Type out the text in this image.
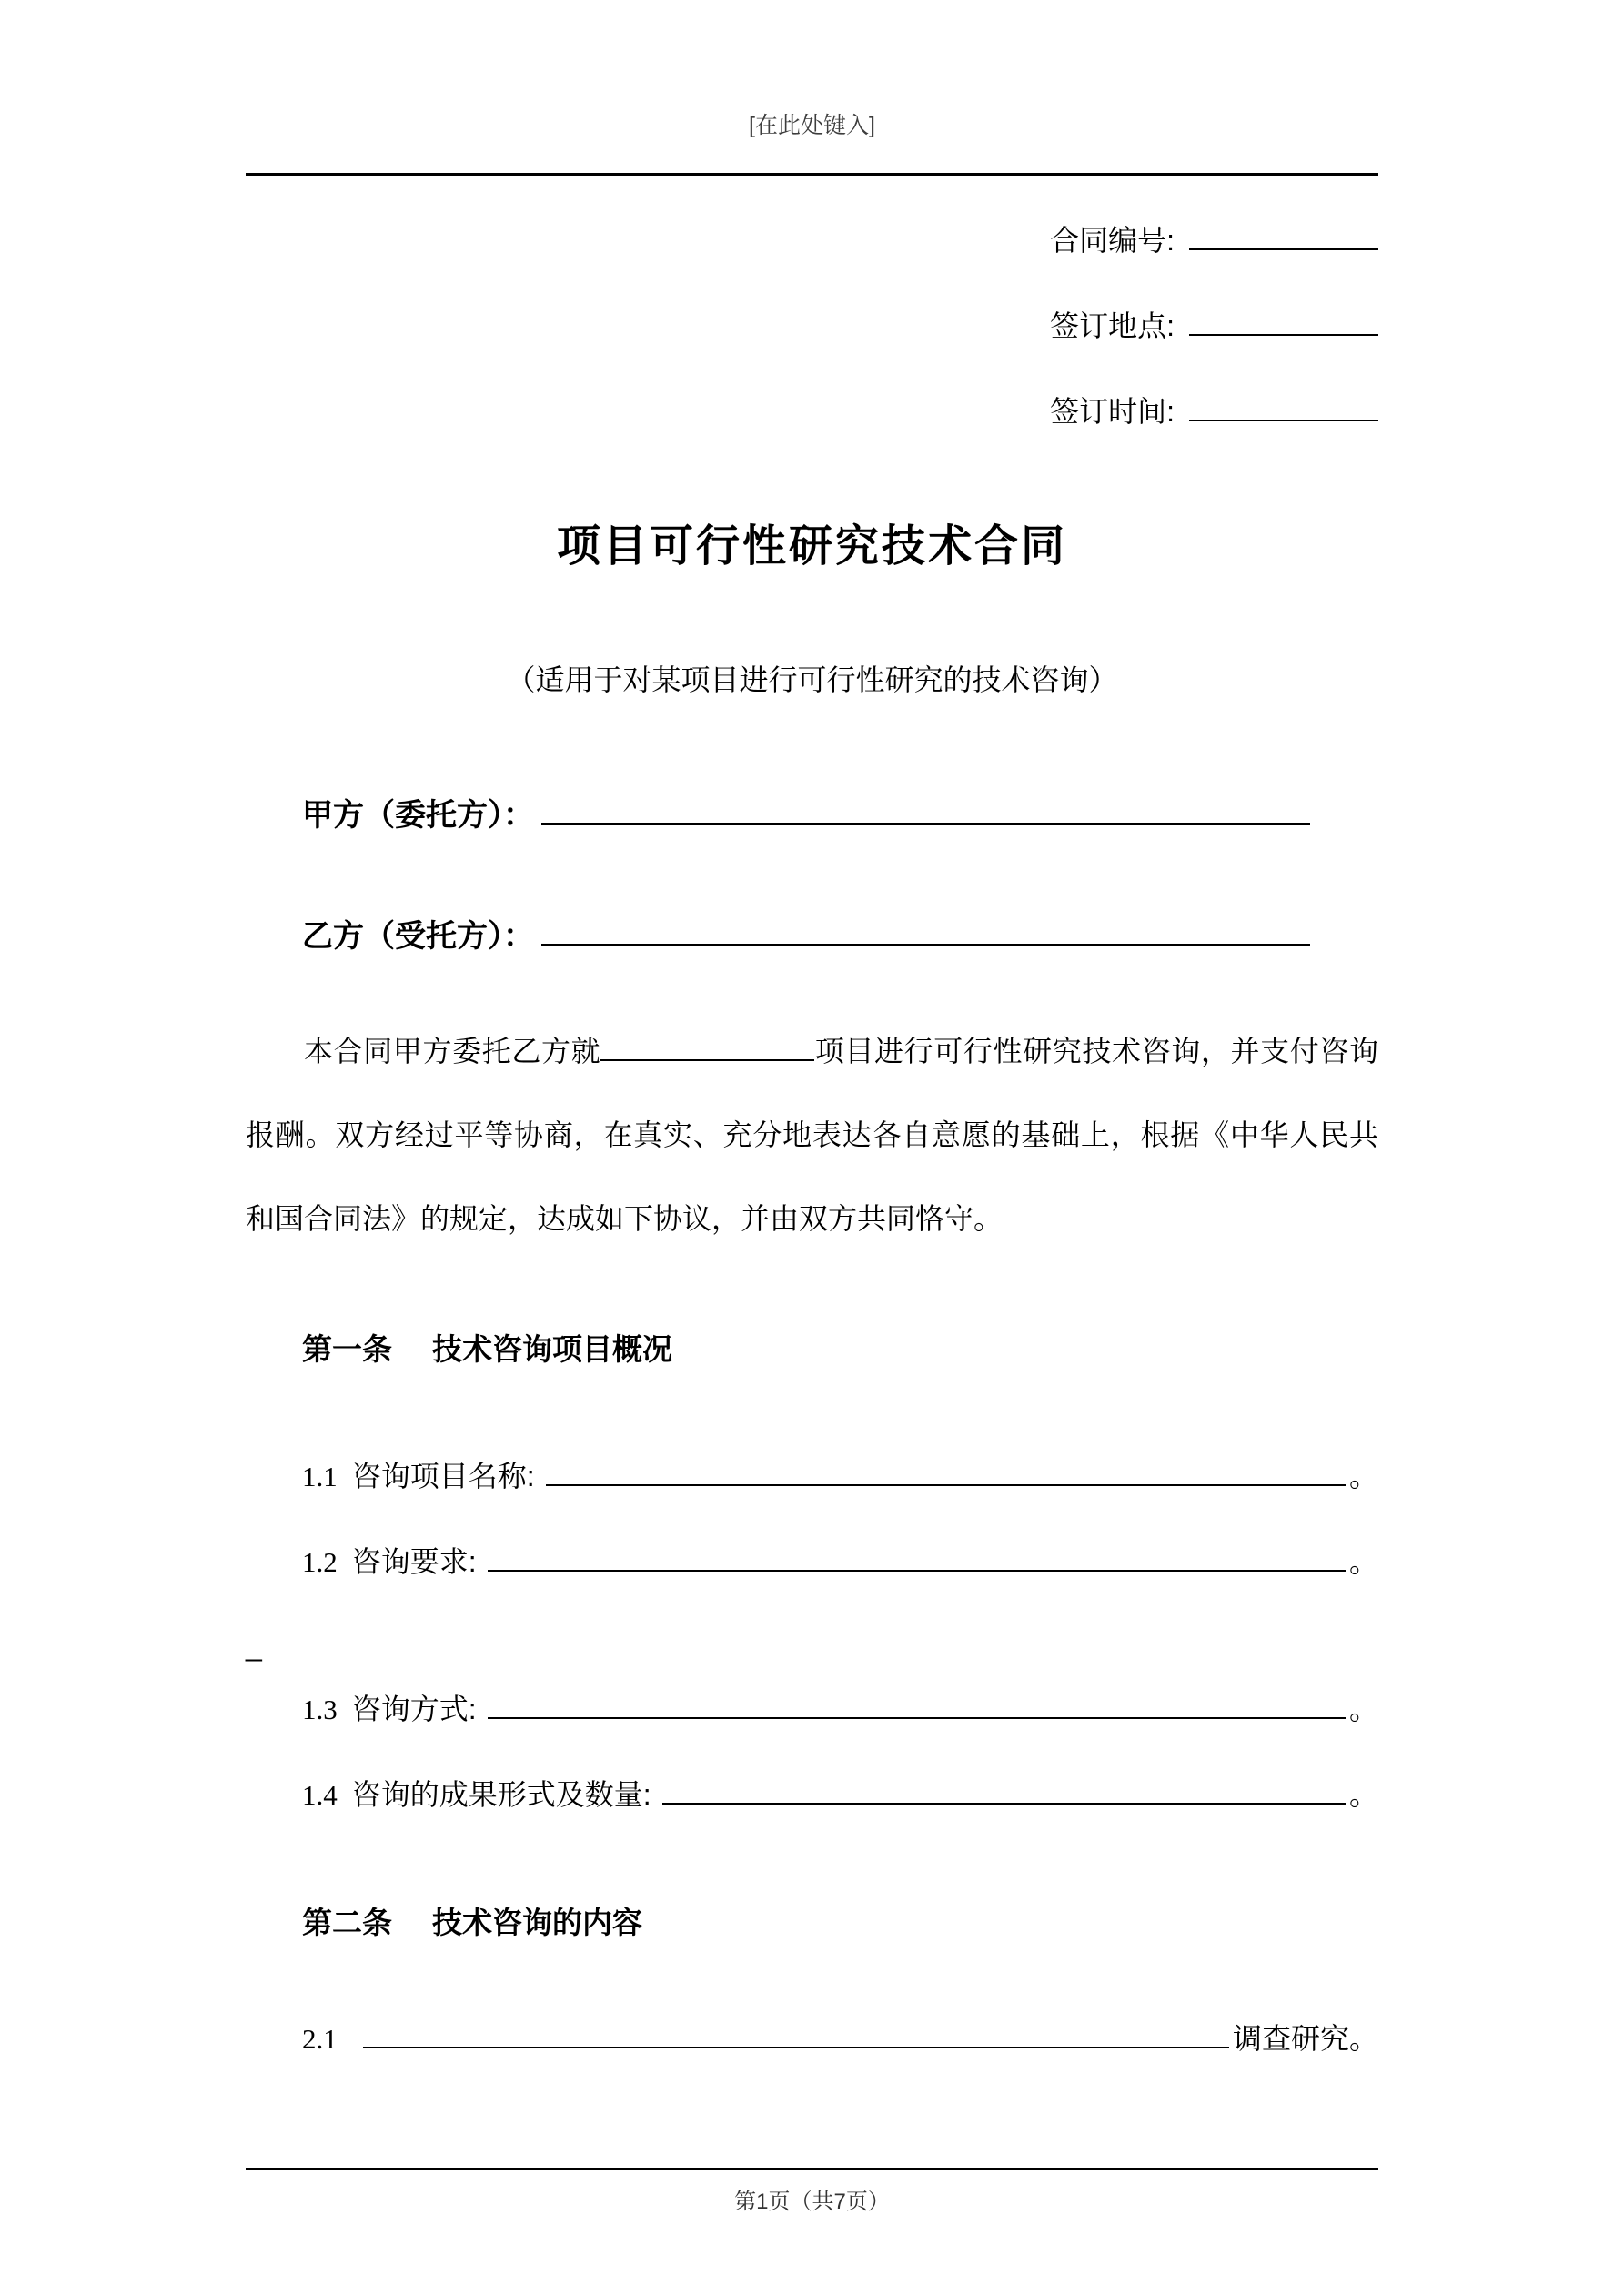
[在此处键入]
合同编号:
签订地点:
签订时间:
项目可行性研究技术合同
（适用于对某项目进行可行性研究的技术咨询）
甲方（委托方）：
乙方（受托方）：

本合同甲方委托乙方就	项目进行可行性研究技术咨询，并支付咨询报酬。双方经过平等协商，在真实、充分地表达各自意愿的基础上，根据《中华人民共和国合同法》的规定，达成如下协议，并由双方共同恪守。

第一条 技术咨询项目概况
1.1 咨询项目名称:	。
1.2 咨询要求:	。
_
1.3 咨询方式:	。
1.4 咨询的成果形式及数量:	。
第二条 技术咨询的内容
2.1	调查研究。
第1页（共7页）
